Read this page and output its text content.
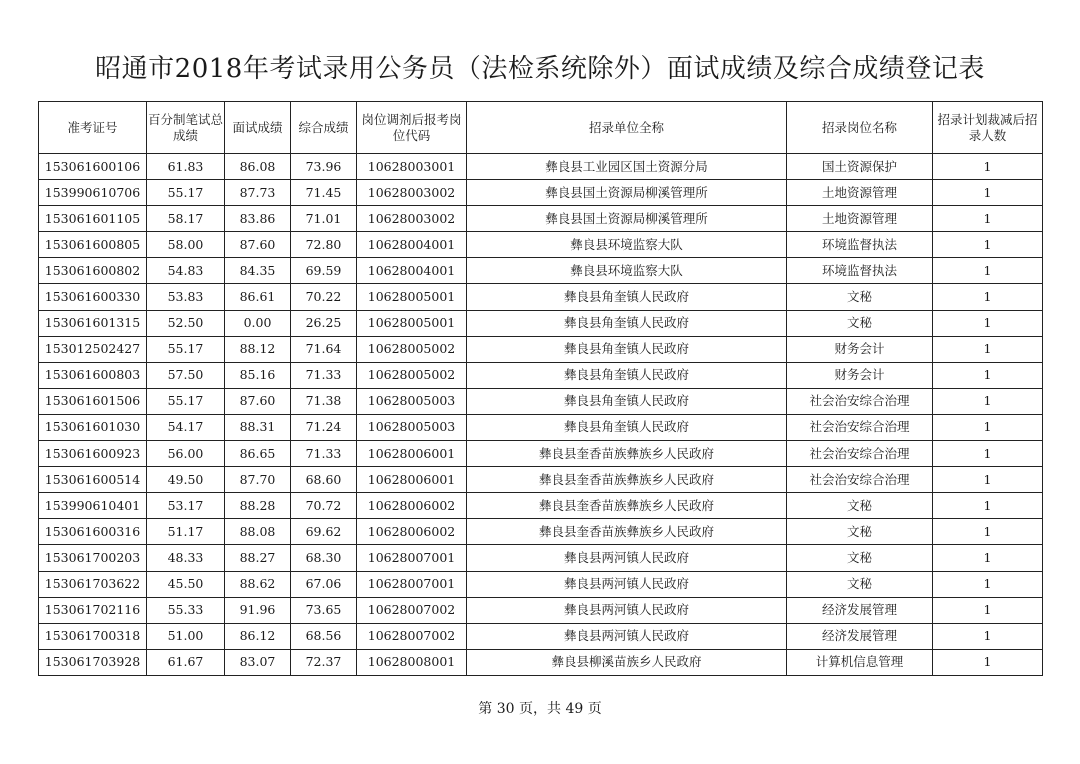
昭通市2018年考试录用公务员（法检系统除外）面试成绩及综合成绩登记表
准考证号	百分制笔试总成绩	面试成绩	综合成绩	岗位调剂后报考岗位代码	招录单位全称	招录岗位名称	招录计划裁减后招录人数
153061600106	61.83	86.08	73.96	10628003001	彝良县工业园区国土资源分局	国土资源保护	1
153990610706	55.17	87.73	71.45	10628003002	彝良县国土资源局柳溪管理所	土地资源管理	1
153061601105	58.17	83.86	71.01	10628003002	彝良县国土资源局柳溪管理所	土地资源管理	1
153061600805	58.00	87.60	72.80	10628004001	彝良县环境监察大队	环境监督执法	1
153061600802	54.83	84.35	69.59	10628004001	彝良县环境监察大队	环境监督执法	1
153061600330	53.83	86.61	70.22	10628005001	彝良县角奎镇人民政府	文秘	1
153061601315	52.50	0.00	26.25	10628005001	彝良县角奎镇人民政府	文秘	1
153012502427	55.17	88.12	71.64	10628005002	彝良县角奎镇人民政府	财务会计	1
153061600803	57.50	85.16	71.33	10628005002	彝良县角奎镇人民政府	财务会计	1
153061601506	55.17	87.60	71.38	10628005003	彝良县角奎镇人民政府	社会治安综合治理	1
153061601030	54.17	88.31	71.24	10628005003	彝良县角奎镇人民政府	社会治安综合治理	1
153061600923	56.00	86.65	71.33	10628006001	彝良县奎香苗族彝族乡人民政府	社会治安综合治理	1
153061600514	49.50	87.70	68.60	10628006001	彝良县奎香苗族彝族乡人民政府	社会治安综合治理	1
153990610401	53.17	88.28	70.72	10628006002	彝良县奎香苗族彝族乡人民政府	文秘	1
153061600316	51.17	88.08	69.62	10628006002	彝良县奎香苗族彝族乡人民政府	文秘	1
153061700203	48.33	88.27	68.30	10628007001	彝良县两河镇人民政府	文秘	1
153061703622	45.50	88.62	67.06	10628007001	彝良县两河镇人民政府	文秘	1
153061702116	55.33	91.96	73.65	10628007002	彝良县两河镇人民政府	经济发展管理	1
153061700318	51.00	86.12	68.56	10628007002	彝良县两河镇人民政府	经济发展管理	1
153061703928	61.67	83.07	72.37	10628008001	彝良县柳溪苗族乡人民政府	计算机信息管理	1
第 30 页，共 49 页
